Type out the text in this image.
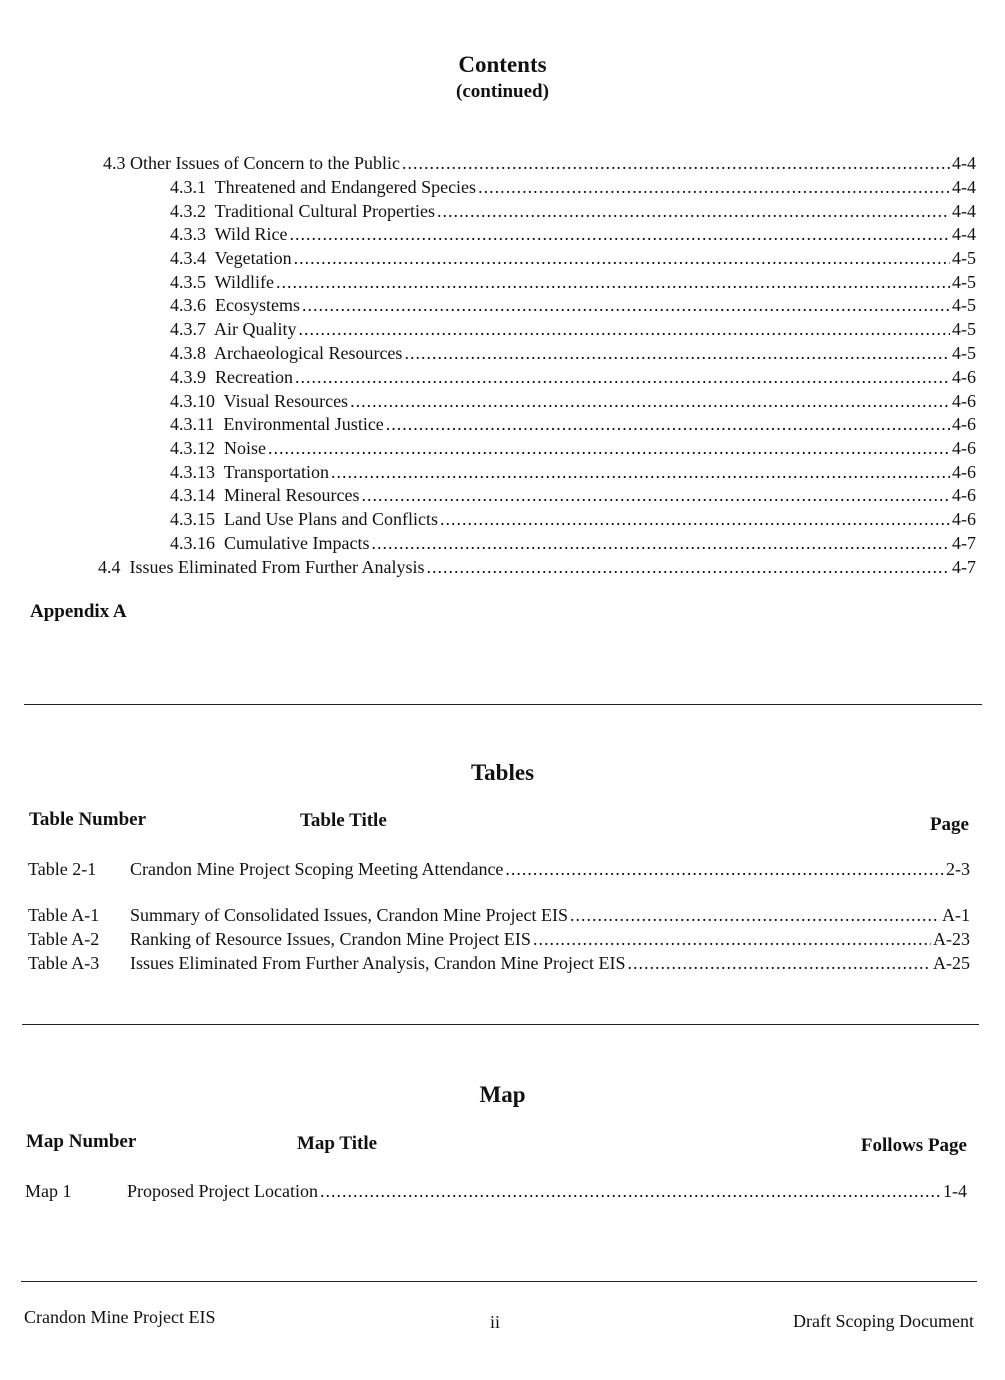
Contents
(continued)
4.3 Other Issues of Concern to the Public .....	4-4
4.3.1  Threatened and Endangered Species .....	4-4
4.3.2  Traditional Cultural Properties .....	4-4
4.3.3  Wild Rice .....	4-4
4.3.4  Vegetation .....	4-5
4.3.5  Wildlife .....	4-5
4.3.6  Ecosystems .....	4-5
4.3.7  Air Quality .....	4-5
4.3.8  Archaeological Resources .....	4-5
4.3.9  Recreation .....	4-6
4.3.10  Visual Resources .....	4-6
4.3.11  Environmental Justice .....	4-6
4.3.12  Noise .....	4-6
4.3.13  Transportation .....	4-6
4.3.14  Mineral Resources .....	4-6
4.3.15  Land Use Plans and Conflicts .....	4-6
4.3.16  Cumulative Impacts .....	4-7
4.4  Issues Eliminated From Further Analysis .....	4-7
Appendix A
Tables
Table Number	Table Title	Page
Table 2-1	Crandon Mine Project Scoping Meeting Attendance .....	2-3
Table A-1	Summary of Consolidated Issues, Crandon Mine Project EIS .....	A-1
Table A-2	Ranking of Resource Issues, Crandon Mine Project EIS .....	A-23
Table A-3	Issues Eliminated From Further Analysis, Crandon Mine Project EIS .....	A-25
Map
Map Number	Map Title	Follows Page
Map 1	Proposed Project Location .....	1-4
Crandon Mine Project EIS	ii	Draft Scoping Document
